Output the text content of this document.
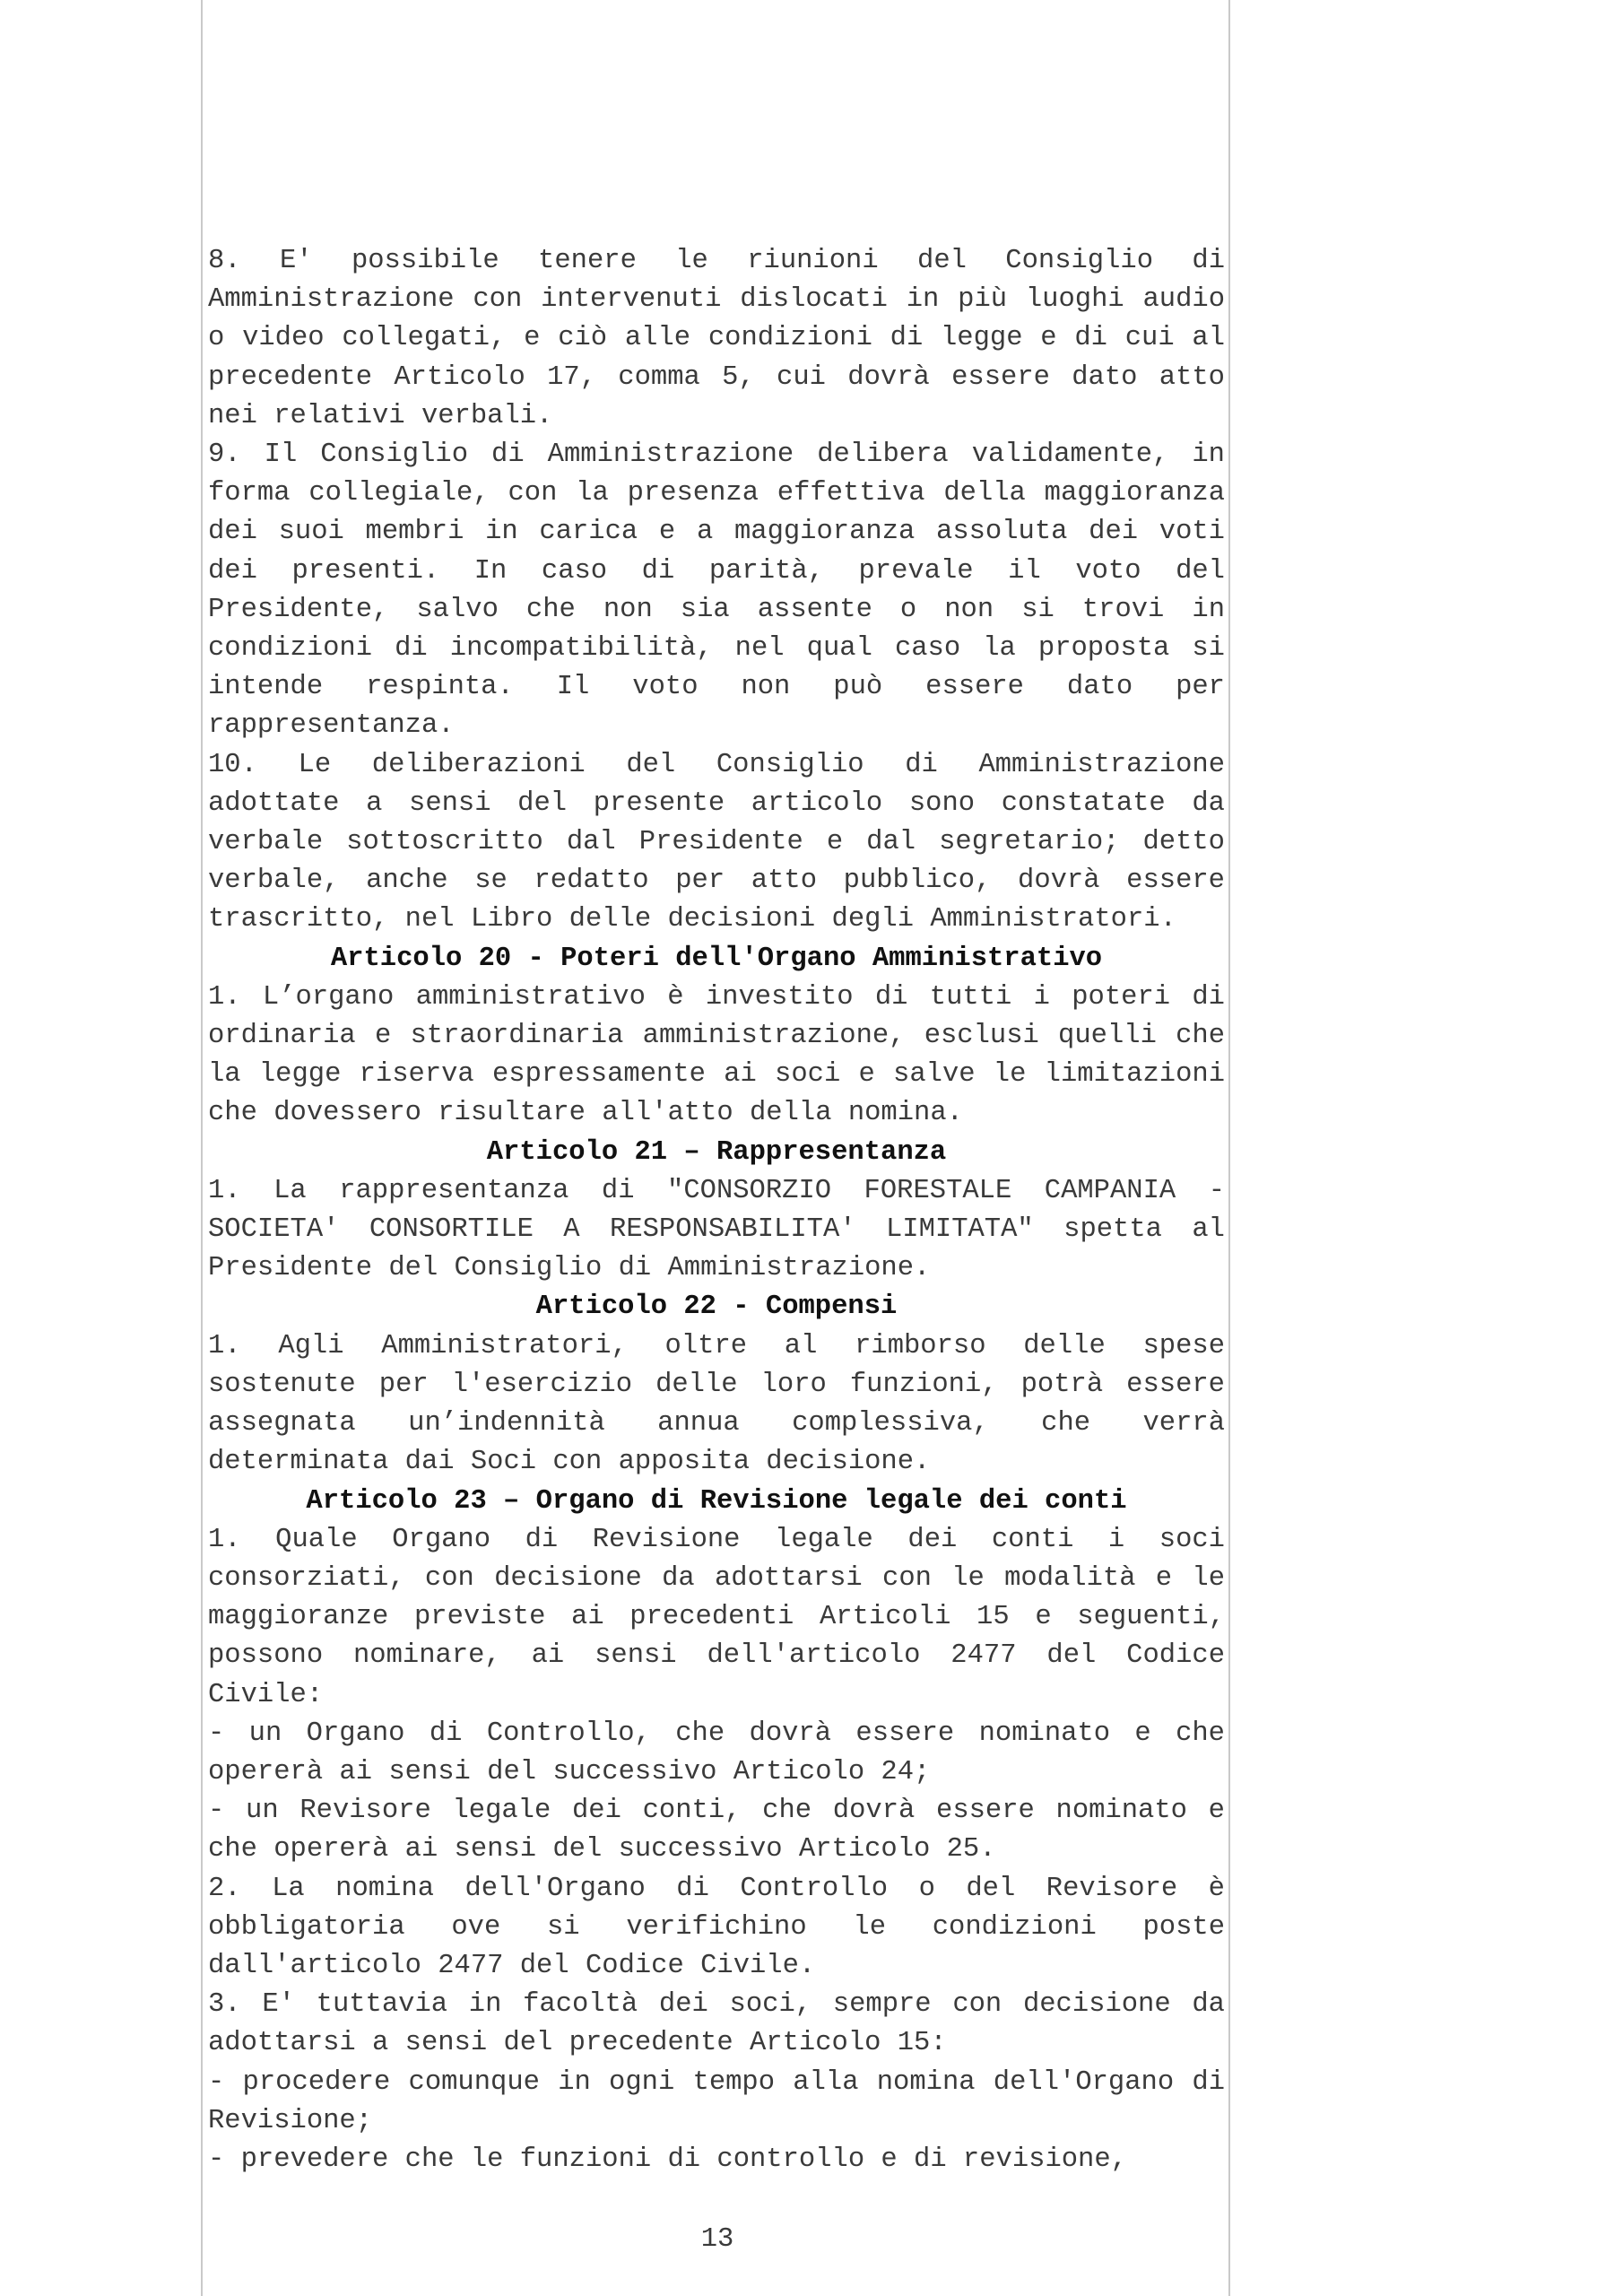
8. E' possibile tenere le riunioni del Consiglio di Amministrazione con intervenuti dislocati in più luoghi audio o video collegati, e ciò alle condizioni di legge e di cui al precedente Articolo 17, comma 5, cui dovrà essere dato atto nei relativi verbali.

9. Il Consiglio di Amministrazione delibera validamente, in forma collegiale, con la presenza effettiva della maggioranza dei suoi membri in carica e a maggioranza assoluta dei voti dei presenti. In caso di parità, prevale il voto del Presidente, salvo che non sia assente o non si trovi in condizioni di incompatibilità, nel qual caso la proposta si intende respinta. Il voto non può essere dato per rappresentanza.

10. Le deliberazioni del Consiglio di Amministrazione adottate a sensi del presente articolo sono constatate da verbale sottoscritto dal Presidente e dal segretario; detto verbale, anche se redatto per atto pubblico, dovrà essere trascritto, nel Libro delle decisioni degli Amministratori.

Articolo 20 - Poteri dell'Organo Amministrativo

1. L’organo amministrativo è investito di tutti i poteri di ordinaria e straordinaria amministrazione, esclusi quelli che la legge riserva espressamente ai soci e salve le limitazioni che dovessero risultare all'atto della nomina.

Articolo 21 – Rappresentanza

1. La rappresentanza di "CONSORZIO FORESTALE CAMPANIA - SOCIETA' CONSORTILE A RESPONSABILITA' LIMITATA" spetta al Presidente del Consiglio di Amministrazione.

Articolo 22 - Compensi

1. Agli Amministratori, oltre al rimborso delle spese sostenute per l'esercizio delle loro funzioni, potrà essere assegnata un’indennità annua complessiva, che verrà determinata dai Soci con apposita decisione.

Articolo 23 – Organo di Revisione legale dei conti

1. Quale Organo di Revisione legale dei conti i soci consorziati, con decisione da adottarsi con le modalità e le maggioranze previste ai precedenti Articoli 15 e seguenti, possono nominare, ai sensi dell'articolo 2477 del Codice Civile:

- un Organo di Controllo, che dovrà essere nominato e che opererà ai sensi del successivo Articolo 24;

- un Revisore legale dei conti, che dovrà essere nominato e che opererà ai sensi del successivo Articolo 25.

2. La nomina dell'Organo di Controllo o del Revisore è obbligatoria ove si verifichino le condizioni poste dall'articolo 2477 del Codice Civile.

3. E' tuttavia in facoltà dei soci, sempre con decisione da adottarsi a sensi del precedente Articolo 15:

- procedere comunque in ogni tempo alla nomina dell'Organo di Revisione;

- prevedere che le funzioni di controllo e di revisione,

13
